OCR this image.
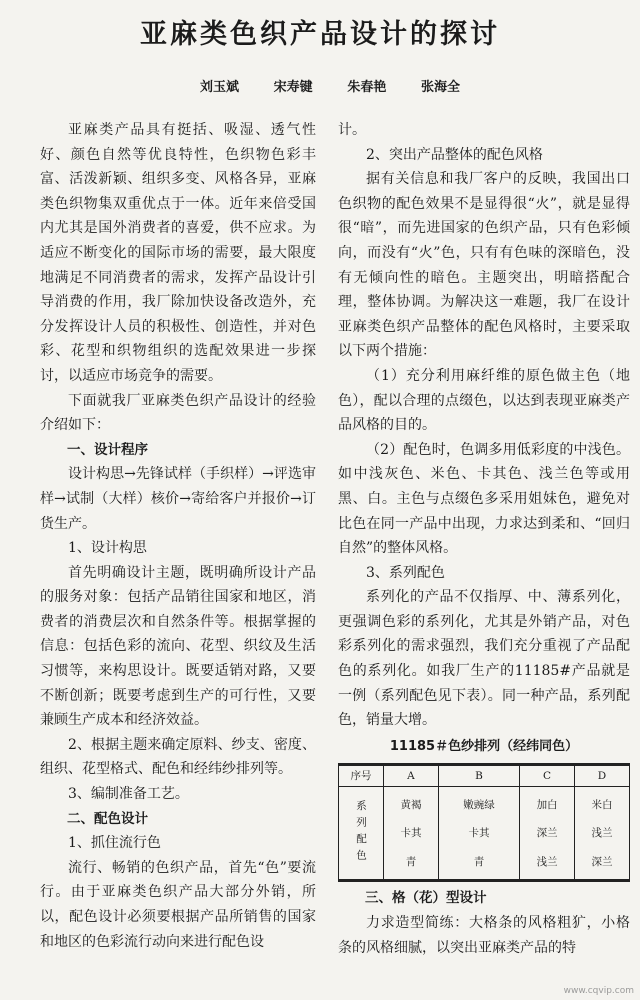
亚麻类色织产品设计的探讨
刘玉斌	宋寿键	朱春艳	张海全

亚麻类产品具有挺括、吸湿、透气性好、颜色自然等优良特性，色织物色彩丰富、活泼新颖、组织多变、风格各异，亚麻类色织物集双重优点于一体。近年来倍受国内尤其是国外消费者的喜爱，供不应求。为适应不断变化的国际市场的需要，最大限度地满足不同消费者的需求，发挥产品设计引导消费的作用，我厂除加快设备改造外，充分发挥设计人员的积极性、创造性，并对色彩、花型和织物组织的选配效果进一步探讨，以适应市场竞争的需要。

下面就我厂亚麻类色织产品设计的经验介绍如下：

一、设计程序

设计构思→先锋试样（手织样）→评选审样→试制（大样）核价→寄给客户并报价→订货生产。

1、设计构思

首先明确设计主题，既明确所设计产品的服务对象：包括产品销往国家和地区，消费者的消费层次和自然条件等。根据掌握的信息：包括色彩的流向、花型、织纹及生活习惯等，来构思设计。既要适销对路，又要不断创新；既要考虑到生产的可行性，又要兼顾生产成本和经济效益。

2、根据主题来确定原料、纱支、密度、组织、花型格式、配色和经纬纱排列等。

3、编制准备工艺。

二、配色设计

1、抓住流行色

流行、畅销的色织产品，首先“色”要流行。由于亚麻类色织产品大部分外销，所以，配色设计必须要根据产品所销售的国家和地区的色彩流行动向来进行配色设

计。

2、突出产品整体的配色风格

据有关信息和我厂客户的反映，我国出口色织物的配色效果不是显得很“火”，就是显得很“暗”，而先进国家的色织产品，只有色彩倾向，而没有“火”色，只有有色味的深暗色，没有无倾向性的暗色。主题突出，明暗搭配合理，整体协调。为解决这一难题，我厂在设计亚麻类色织产品整体的配色风格时，主要采取以下两个措施：

（1）充分利用麻纤维的原色做主色（地色），配以合理的点缀色，以达到表现亚麻类产品风格的目的。

（2）配色时，色调多用低彩度的中浅色。如中浅灰色、米色、卡其色、浅兰色等或用黑、白。主色与点缀色多采用姐妹色，避免对比色在同一产品中出现，力求达到柔和、“回归自然”的整体风格。

3、系列配色

系列化的产品不仅指厚、中、薄系列化，更强调色彩的系列化，尤其是外销产品，对色彩系列化的需求强烈，我们充分重视了产品配色的系列化。如我厂生产的11185#产品就是一例（系列配色见下表）。同一种产品，系列配色，销量大增。

11185＃色纱排列（经纬同色）
序号	A	B	C	D

系列配色	黄褐
卡其
青	嫩豌绿
卡其
青	加白
深兰
浅兰	米白
浅兰
深兰

三、格（花）型设计

力求造型简练：大格条的风格粗犷，小格条的风格细腻，以突出亚麻类产品的特

www.cqvip.com
